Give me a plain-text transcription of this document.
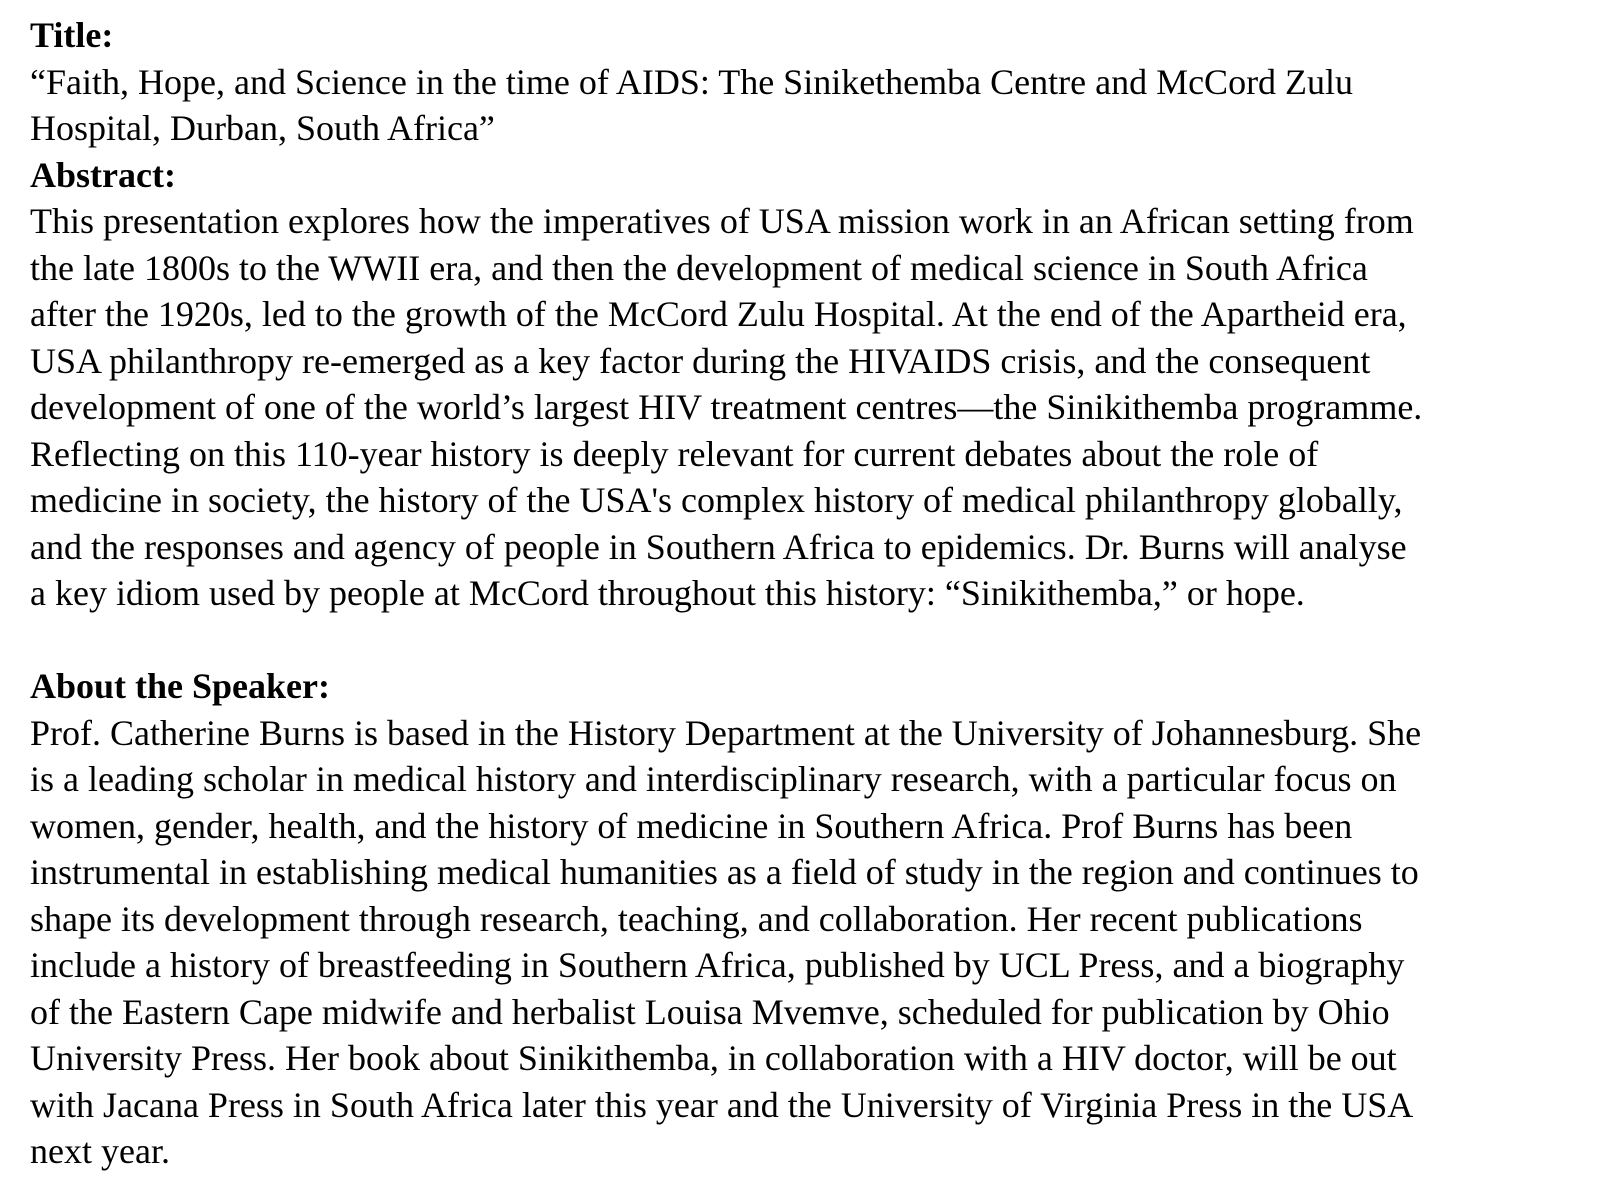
Title:
“Faith, Hope, and Science in the time of AIDS: The Sinikethemba Centre and McCord Zulu
Hospital, Durban, South Africa”
Abstract:
This presentation explores how the imperatives of USA mission work in an African setting from
the late 1800s to the WWII era, and then the development of medical science in South Africa
after the 1920s, led to the growth of the McCord Zulu Hospital. At the end of the Apartheid era,
USA philanthropy re-emerged as a key factor during the HIVAIDS crisis, and the consequent
development of one of the world’s largest HIV treatment centres—the Sinikithemba programme.
Reflecting on this 110-year history is deeply relevant for current debates about the role of
medicine in society, the history of the USA's complex history of medical philanthropy globally,
and the responses and agency of people in Southern Africa to epidemics. Dr. Burns will analyse
a key idiom used by people at McCord throughout this history: “Sinikithemba,” or hope.
About the Speaker:
Prof. Catherine Burns is based in the History Department at the University of Johannesburg. She
is a leading scholar in medical history and interdisciplinary research, with a particular focus on
women, gender, health, and the history of medicine in Southern Africa. Prof Burns has been
instrumental in establishing medical humanities as a field of study in the region and continues to
shape its development through research, teaching, and collaboration. Her recent publications
include a history of breastfeeding in Southern Africa, published by UCL Press, and a biography
of the Eastern Cape midwife and herbalist Louisa Mvemve, scheduled for publication by Ohio
University Press. Her book about Sinikithemba, in collaboration with a HIV doctor, will be out
with Jacana Press in South Africa later this year and the University of Virginia Press in the USA
next year.
